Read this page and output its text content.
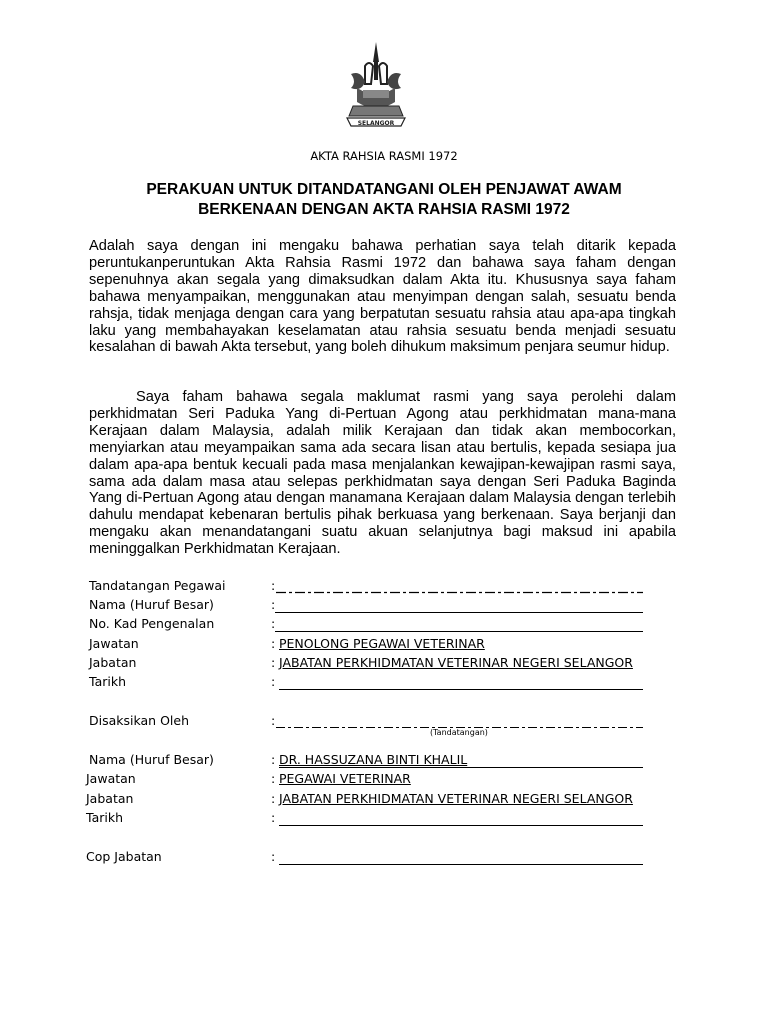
SELANGOR
AKTA RAHSIA RASMI 1972
PERAKUAN UNTUK DITANDATANGANI OLEH PENJAWAT AWAM
BERKENAAN DENGAN AKTA RAHSIA RASMI 1972

Adalah saya dengan ini mengaku bahawa perhatian saya telah ditarik kepada peruntukanperuntukan Akta Rahsia Rasmi 1972 dan bahawa saya faham dengan sepenuhnya akan segala yang dimaksudkan dalam Akta itu. Khususnya saya faham bahawa menyampaikan, menggunakan atau menyimpan dengan salah, sesuatu benda rahsja, tidak menjaga dengan cara yang berpatutan sesuatu rahsia atau apa-apa tingkah laku yang membahayakan keselamatan atau rahsia sesuatu benda menjadi sesuatu kesalahan di bawah Akta tersebut, yang boleh dihukum maksimum penjara seumur hidup.

Saya faham bahawa segala maklumat rasmi yang saya perolehi dalam perkhidmatan Seri Paduka Yang di-Pertuan Agong atau perkhidmatan mana-mana Kerajaan dalam Malaysia, adalah milik Kerajaan dan tidak akan membocorkan, menyiarkan atau meyampaikan sama ada secara lisan atau bertulis, kepada sesiapa jua dalam apa-apa bentuk kecuali pada masa menjalankan kewajipan-kewajipan rasmi saya, sama ada dalam masa atau selepas perkhidmatan saya dengan Seri Paduka Baginda Yang di-Pertuan Agong atau dengan manamana Kerajaan dalam Malaysia dengan terlebih dahulu mendapat kebenaran bertulis pihak berkuasa yang berkenaan. Saya berjanji dan mengaku akan menandatangani suatu akuan selanjutnya bagi maksud ini apabila meninggalkan Perkhidmatan Kerajaan.

Tandatangan Pegawai	:
Nama (Huruf Besar)	:
No. Kad Pengenalan	:
Jawatan	: PENOLONG PEGAWAI VETERINAR
Jabatan	: JABATAN PERKHIDMATAN VETERINAR NEGERI SELANGOR
Tarikh	:
Disaksikan Oleh	:
(Tandatangan)
Nama (Huruf Besar)	: DR. HASSUZANA BINTI KHALIL
Jawatan	: PEGAWAI VETERINAR
Jabatan	: JABATAN PERKHIDMATAN VETERINAR NEGERI SELANGOR
Tarikh	:
Cop Jabatan	:
